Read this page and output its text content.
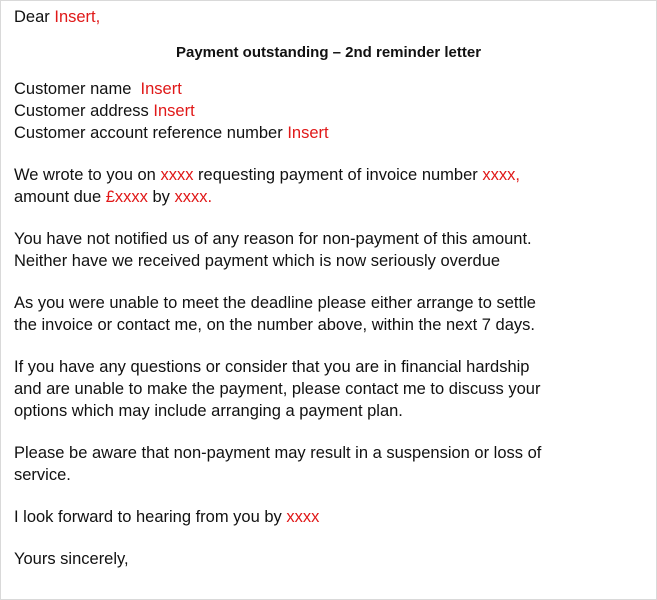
Dear Insert,
Payment outstanding – 2nd reminder letter
Customer name  Insert
Customer address Insert
Customer account reference number Insert
We wrote to you on xxxx requesting payment of invoice number xxxx,
amount due £xxxx by xxxx.
You have not notified us of any reason for non-payment of this amount.
Neither have we received payment which is now seriously overdue
As you were unable to meet the deadline please either arrange to settle
the invoice or contact me, on the number above, within the next 7 days.
If you have any questions or consider that you are in financial hardship
and are unable to make the payment, please contact me to discuss your
options which may include arranging a payment plan.
Please be aware that non-payment may result in a suspension or loss of
service.
I look forward to hearing from you by xxxx
Yours sincerely,
